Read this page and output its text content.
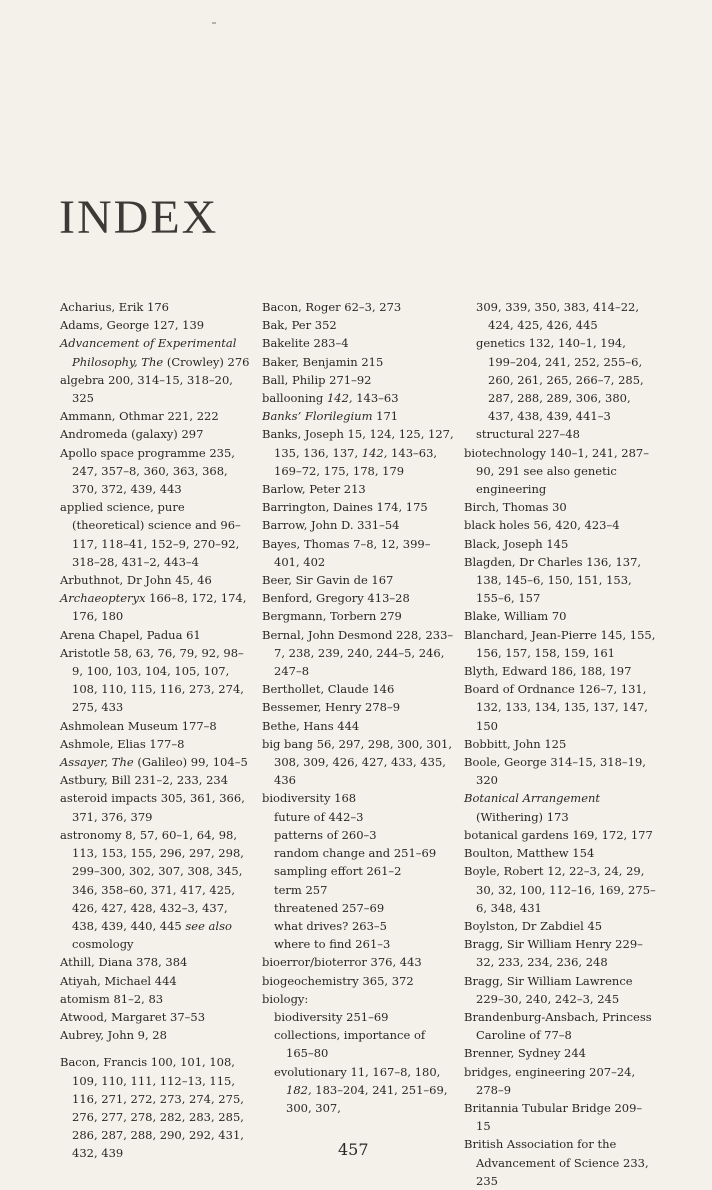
INDEX
Acharius, Erik 176
Adams, George 127, 139
Advancement of Experimental
Philosophy, The (Crowley) 276
algebra 200, 314–15, 318–20, 325
Ammann, Othmar 221, 222
Andromeda (galaxy) 297
Apollo space programme 235, 247, 357–8, 360, 363, 368, 370, 372, 439, 443
applied science, pure (theoretical) science and 96–117, 118–41, 152–9, 270–92, 318–28, 431–2, 443–4
Arbuthnot, Dr John 45, 46
Archaeopteryx 166–8, 172, 174, 176, 180
Arena Chapel, Padua 61
Aristotle 58, 63, 76, 79, 92, 98–9, 100, 103, 104, 105, 107, 108, 110, 115, 116, 273, 274, 275, 433
Ashmolean Museum 177–8
Ashmole, Elias 177–8
Assayer, The (Galileo) 99, 104–5
Astbury, Bill 231–2, 233, 234
asteroid impacts 305, 361, 366, 371, 376, 379
astronomy 8, 57, 60–1, 64, 98, 113, 153, 155, 296, 297, 298, 299–300, 302, 307, 308, 345, 346, 358–60, 371, 417, 425, 426, 427, 428, 432–3, 437, 438, 439, 440, 445 see also cosmology
Athill, Diana 378, 384
Atiyah, Michael 444
atomism 81–2, 83
Atwood, Margaret 37–53
Aubrey, John 9, 28
Bacon, Francis 100, 101, 108, 109, 110, 111, 112–13, 115, 116, 271, 272, 273, 274, 275, 276, 277, 278, 282, 283, 285, 286, 287, 288, 290, 292, 431, 432, 439
Bacon, Roger 62–3, 273
Bak, Per 352
Bakelite 283–4
Baker, Benjamin 215
Ball, Philip 271–92
ballooning 142, 143–63
Banks’ Florilegium 171
Banks, Joseph 15, 124, 125, 127, 135, 136, 137, 142, 143–63, 169–72, 175, 178, 179
Barlow, Peter 213
Barrington, Daines 174, 175
Barrow, John D. 331–54
Bayes, Thomas 7–8, 12, 399–401, 402
Beer, Sir Gavin de 167
Benford, Gregory 413–28
Bergmann, Torbern 279
Bernal, John Desmond 228, 233–7, 238, 239, 240, 244–5, 246, 247–8
Berthollet, Claude 146
Bessemer, Henry 278–9
Bethe, Hans 444
big bang 56, 297, 298, 300, 301, 308, 309, 426, 427, 433, 435, 436
biodiversity 168
future of 442–3
patterns of 260–3
random change and 251–69
sampling effort 261–2
term 257
threatened 257–69
what drives? 263–5
where to find 261–3
bioerror/bioterror 376, 443
biogeochemistry 365, 372
biology:
biodiversity 251–69
collections, importance of 165–80
evolutionary 11, 167–8, 180, 182, 183–204, 241, 251–69, 300, 307,
309, 339, 350, 383, 414–22, 424, 425, 426, 445
genetics 132, 140–1, 194, 199–204, 241, 252, 255–6, 260, 261, 265, 266–7, 285, 287, 288, 289, 306, 380, 437, 438, 439, 441–3
structural 227–48
biotechnology 140–1, 241, 287–90, 291 see also genetic engineering
Birch, Thomas 30
black holes 56, 420, 423–4
Black, Joseph 145
Blagden, Dr Charles 136, 137, 138, 145–6, 150, 151, 153, 155–6, 157
Blake, William 70
Blanchard, Jean-Pierre 145, 155, 156, 157, 158, 159, 161
Blyth, Edward 186, 188, 197
Board of Ordnance 126–7, 131, 132, 133, 134, 135, 137, 147, 150
Bobbitt, John 125
Boole, George 314–15, 318–19, 320
Botanical Arrangement
(Withering) 173
botanical gardens 169, 172, 177
Boulton, Matthew 154
Boyle, Robert 12, 22–3, 24, 29, 30, 32, 100, 112–16, 169, 275–6, 348, 431
Boylston, Dr Zabdiel 45
Bragg, Sir William Henry 229–32, 233, 234, 236, 248
Bragg, Sir William Lawrence 229–30, 240, 242–3, 245
Brandenburg-Ansbach, Princess Caroline of 77–8
Brenner, Sydney 244
bridges, engineering 207–24, 278–9
Britannia Tubular Bridge 209–15
British Association for the Advancement of Science 233, 235
457
